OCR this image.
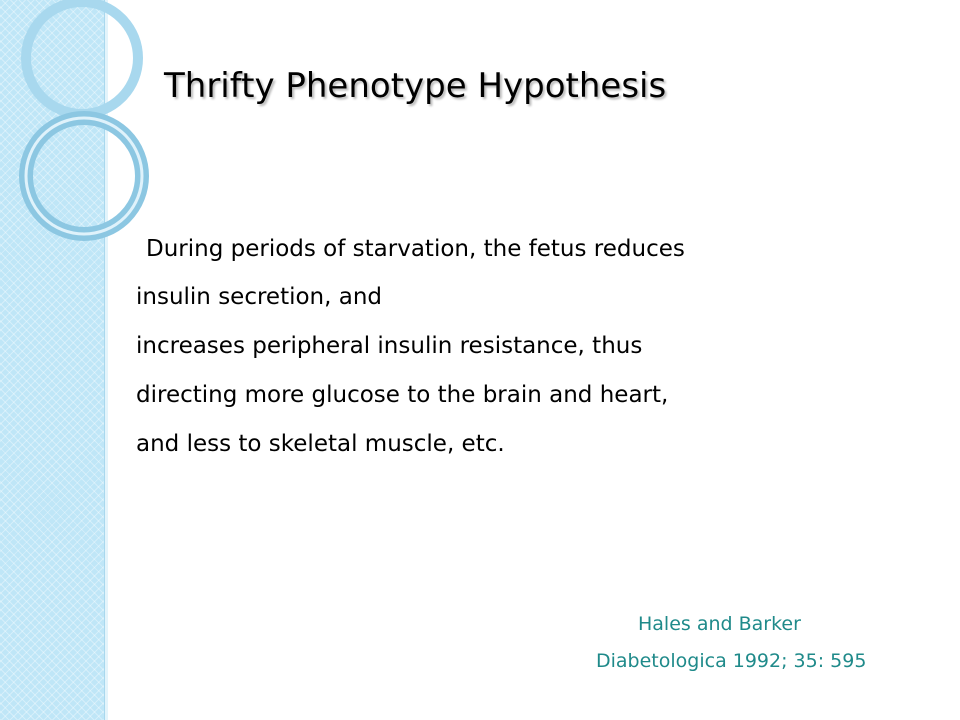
Thrifty Phenotype Hypothesis

During periods of starvation, the fetus reduces

insulin secretion, and

increases peripheral insulin resistance, thus

directing more glucose to the brain and heart,

and less to skeletal muscle, etc.

Hales and Barker

Diabetologica 1992; 35: 595
